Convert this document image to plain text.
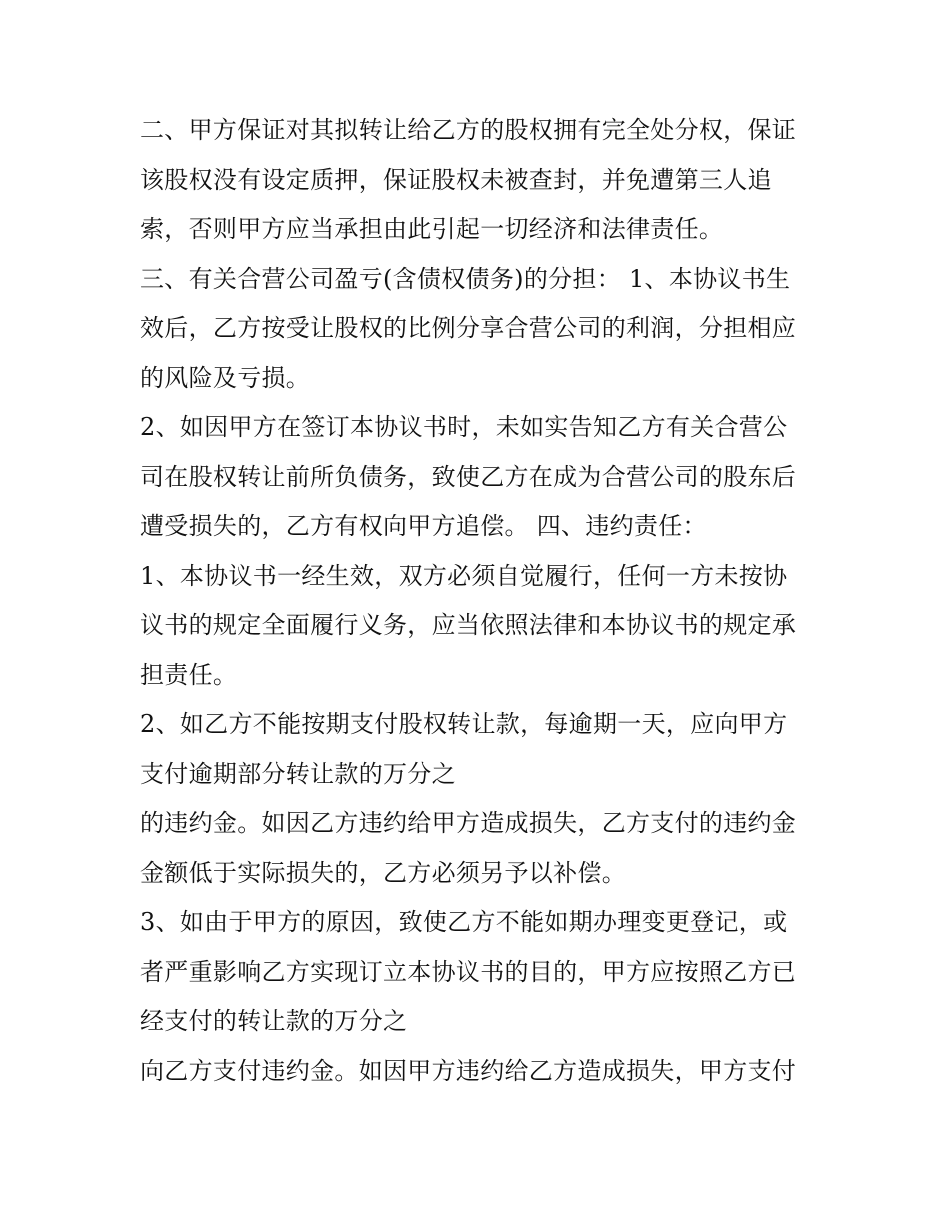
二、甲方保证对其拟转让给乙方的股权拥有完全处分权，保证
该股权没有设定质押，保证股权未被查封，并免遭第三人追
索，否则甲方应当承担由此引起一切经济和法律责任。
三、有关合营公司盈亏(含债权债务)的分担： 1、本协议书生
效后，乙方按受让股权的比例分享合营公司的利润，分担相应
的风险及亏损。
2、如因甲方在签订本协议书时，未如实告知乙方有关合营公
司在股权转让前所负债务，致使乙方在成为合营公司的股东后
遭受损失的，乙方有权向甲方追偿。 四、违约责任：
1、本协议书一经生效，双方必须自觉履行，任何一方未按协
议书的规定全面履行义务，应当依照法律和本协议书的规定承
担责任。
2、如乙方不能按期支付股权转让款，每逾期一天，应向甲方
支付逾期部分转让款的万分之
的违约金。如因乙方违约给甲方造成损失，乙方支付的违约金
金额低于实际损失的，乙方必须另予以补偿。
3、如由于甲方的原因，致使乙方不能如期办理变更登记，或
者严重影响乙方实现订立本协议书的目的，甲方应按照乙方已
经支付的转让款的万分之
向乙方支付违约金。如因甲方违约给乙方造成损失，甲方支付
